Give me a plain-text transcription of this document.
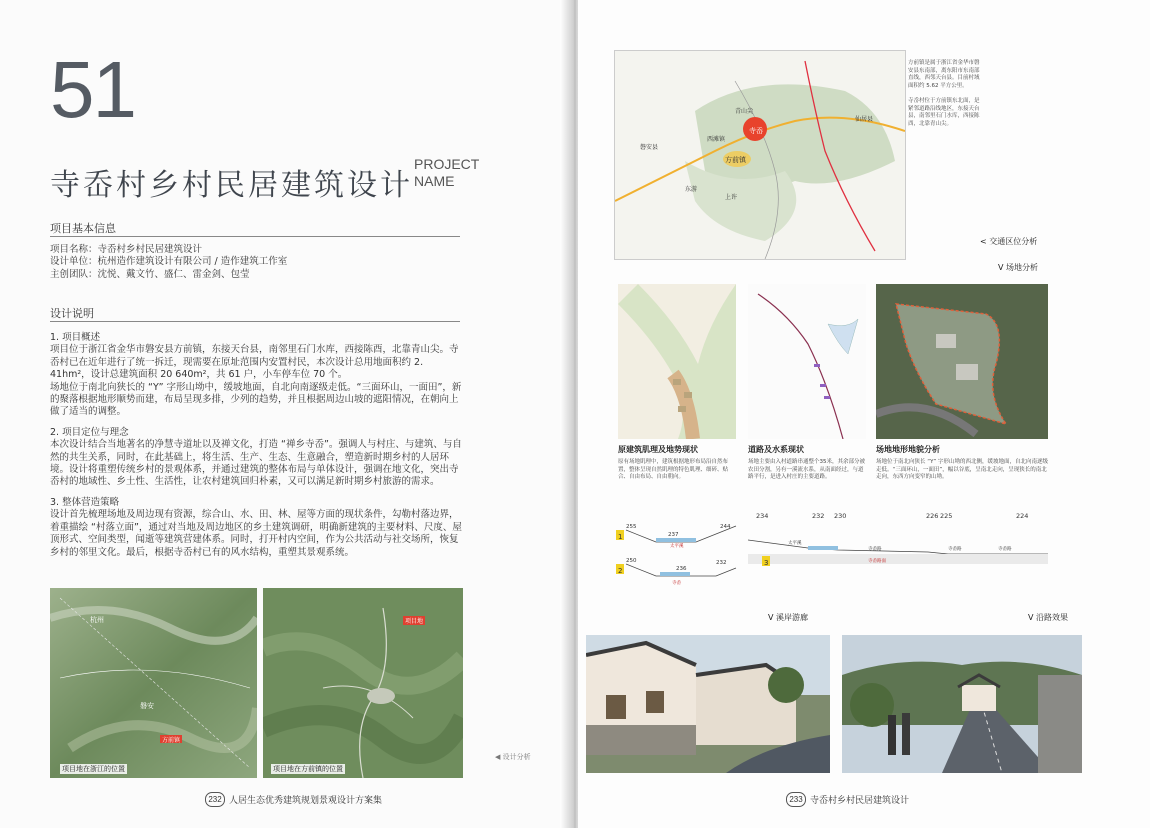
51
寺岙村乡村民居建筑设计
PROJECT
NAME
项目基本信息
项目名称：寺岙村乡村民居建筑设计
设计单位：杭州造作建筑设计有限公司 / 造作建筑工作室
主创团队：沈悦、戴文竹、盛仁、雷金剑、包莹
设计说明
1. 项目概述
项目位于浙江省金华市磐安县方前镇，东接天台县，南邻里石门水库，西接陈酉，北靠青山尖。寺岙村已在近年进行了统一拆迁，现需要在原址范围内安置村民，本次设计总用地面积约 2. 41hm²，设计总建筑面积 20 640m²，共 61 户，小车停车位 70 个。
场地位于南北向狭长的 “Y” 字形山坳中，缓坡地面，自北向南逐级走低。“三面环山，一面田”，新的聚落根据地形顺势而建，布局呈现多排，少列的趋势，并且根据周边山坡的遮阳情况，在朝向上做了适当的调整。
2. 项目定位与理念
本次设计结合当地著名的净慧寺道址以及禅文化，打造 “禅乡寺岙”。强调人与村庄、与建筑、与自然的共生关系，同时，在此基础上，将生活、生产、生态、生意融合，塑造新时期乡村的人居环境。设计将重塑传统乡村的景观体系，并通过建筑的整体布局与单体设计，强调在地文化，突出寺岙村的地域性、乡土性、生活性，让农村建筑回归朴素，又可以满足新时期乡村旅游的需求。
3. 整体营造策略
设计首先梳理场地及周边现有资源，综合山、水、田、林、屋等方面的现状条件，勾勒村落边界，着重描绘 “村落立面”，通过对当地及周边地区的乡土建筑调研，明确新建筑的主要材料、尺度、屋顶形式、空间类型，闻逝等建筑营建体系。同时，打开村内空间，作为公共活动与社交场所，恢复乡村的邻里文化。最后，根据寺岙村已有的风水结构，重塑其景观系统。
方前镇
杭州
磐安
项目地在浙江的位置
项目地
项目地在方前镇的位置
◀ 设计分析
232 人居生态优秀建筑规划景观设计方案集
寺岙
方前镇
西滩镇
上许
磐安县
东游
青山尖
仙居县
方前镇是属于浙江省金华市磐安县东南部，离东阳市东南部直线，西邻天台县。目前村域面积约 5.62 平方公里。
寺岙村位于方前镇东北面，是紧邻道路沿线地区，东接天台县，南邻里石门水库，西接陈酉，北靠青山尖。
< 交通区位分析
V 场地分析
原建筑肌理及地势现状
原有场地肌理中，建筑根据地形布局沿自然布置，整体呈现自然肌理的特色肌理、细碎、贴合、自由布局、自由朝向。
道路及水系现状
场地主要由入村道路串通整个35米，其余部分被农田分割，另有一溪流水系，从南面经过，与道路平行，是进入村庄的主要道路。
场地地形地貌分析
场地位于南北向狭长 “Y” 字形山坳的西北侧，缓坡地面，自北向南逐级走低。“三面环山，一面田”，幅以谷底，呈南北走向，呈现狭长的南北走向，东西方向变窄的山坳。
1
255
237
244
太平溪
2
250
236
232
寺岙
234	232 230	226 225	224
太平溪
寺岙路	寺岙路	寺岙路
3	寺岙路面
V 溪岸游廊	V 沿路效果
233 寺岙村乡村民居建筑设计
